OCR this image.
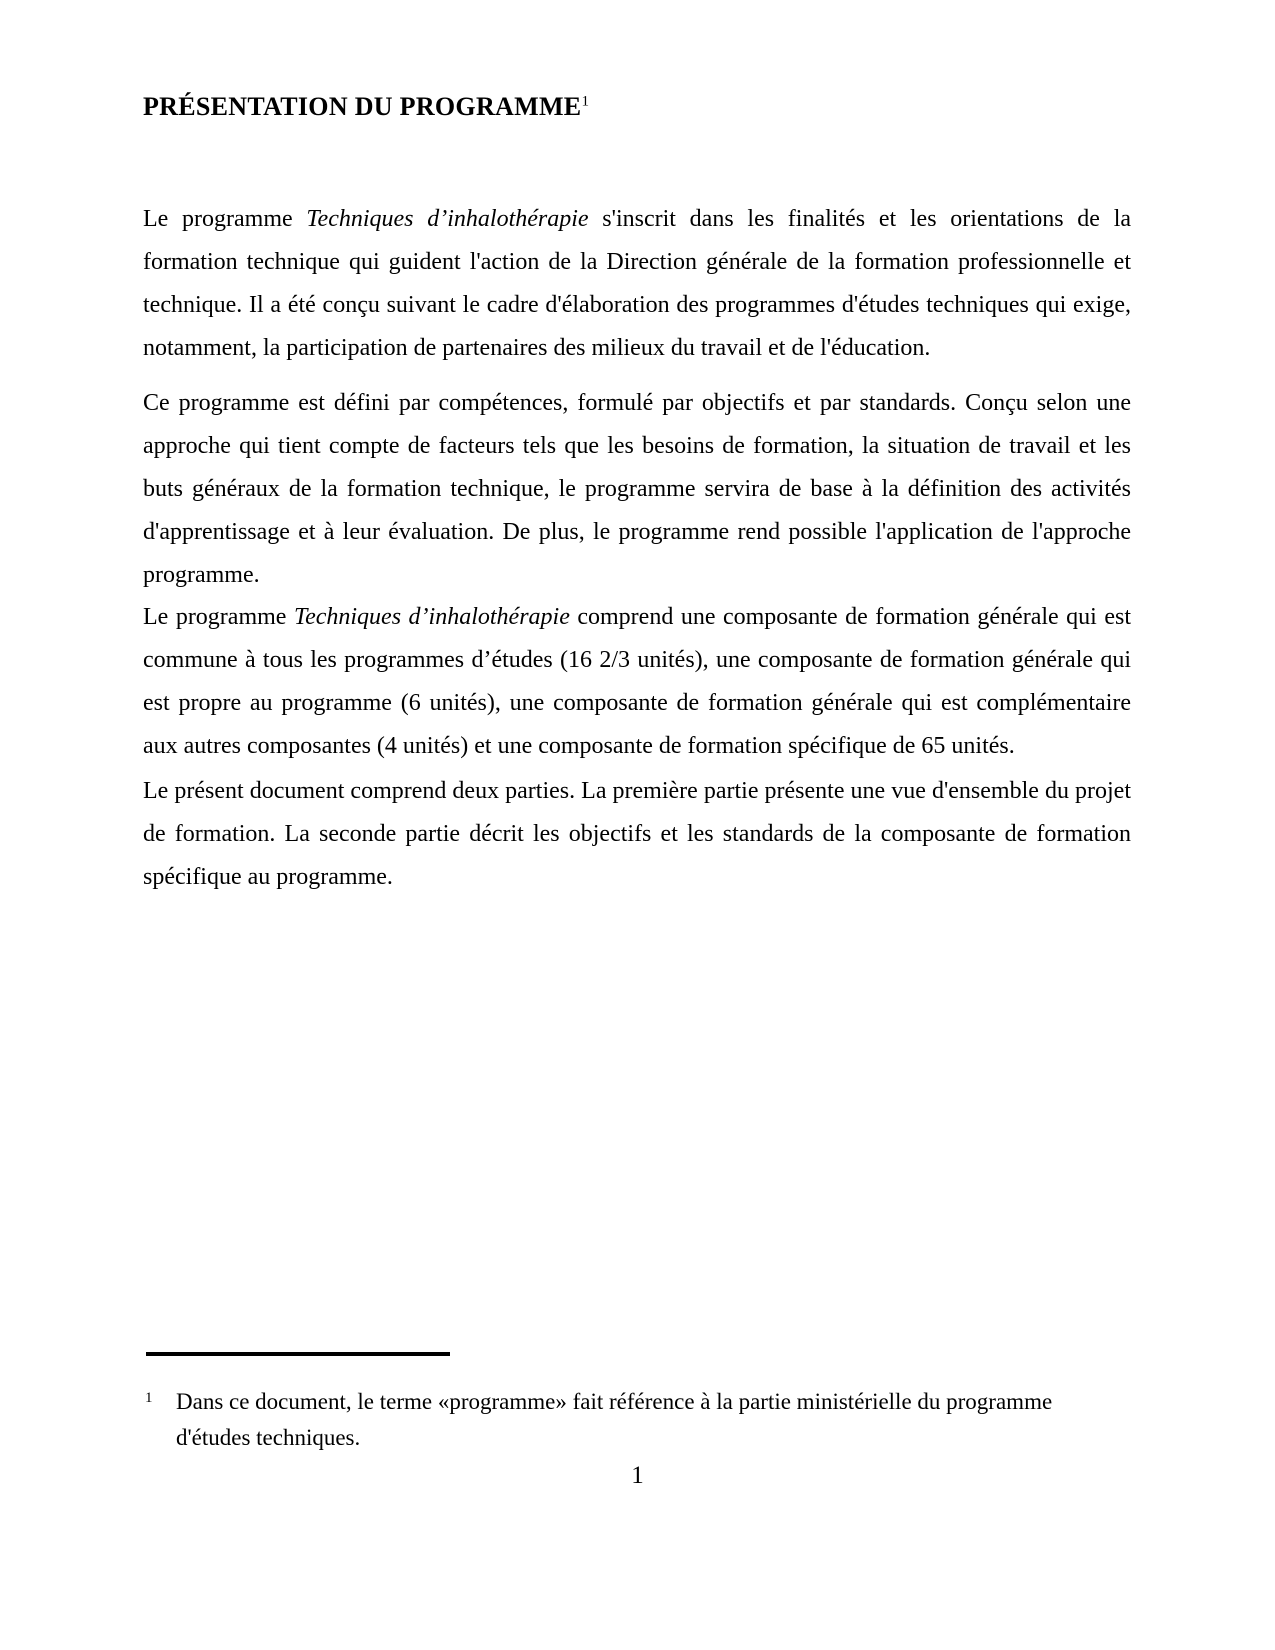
PRÉSENTATION DU PROGRAMME$^1$
Le programme Techniques d’inhalothérapie s'inscrit dans les finalités et les orientations de la formation technique qui guident l'action de la Direction générale de la formation professionnelle et technique. Il a été conçu suivant le cadre d'élaboration des programmes d'études techniques qui exige, notamment, la participation de partenaires des milieux du travail et de l'éducation.
Ce programme est défini par compétences, formulé par objectifs et par standards. Conçu selon une approche qui tient compte de facteurs tels que les besoins de formation, la situation de travail et les buts généraux de la formation technique, le programme servira de base à la définition des activités d'apprentissage et à leur évaluation. De plus, le programme rend possible l'application de l'approche programme.
Le programme Techniques d’inhalothérapie comprend une composante de formation générale qui est commune à tous les programmes d’études (16 2/3 unités), une composante de formation générale qui est propre au programme (6 unités), une composante de formation générale qui est complémentaire aux autres composantes (4 unités) et une composante de formation spécifique de 65 unités.
Le présent document comprend deux parties. La première partie présente une vue d'ensemble du projet de formation. La seconde partie décrit les objectifs et les standards de la composante de formation spécifique au programme.
1 Dans ce document, le terme «programme» fait référence à la partie ministérielle du programme d'études techniques.
1
